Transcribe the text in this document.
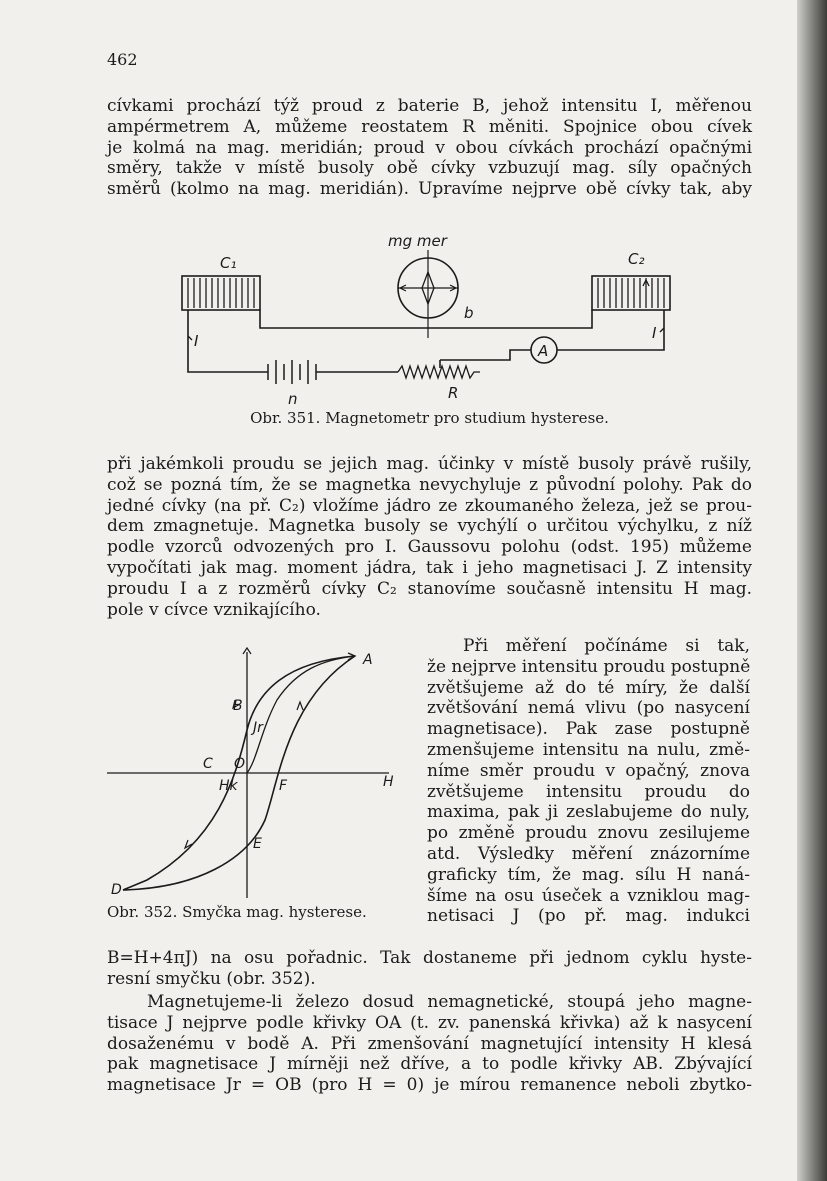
462

cívkami prochází týž proud z baterie B, jehož intensitu I, měřenou
ampérmetrem A, můžeme reostatem R měniti. Spojnice obou cívek
je kolmá na mag. meridián; proud v obou cívkách prochází opačnými
směry, takže v místě busoly obě cívky vzbuzují mag. síly opačných
směrů (kolmo na mag. meridián). Upravíme nejprve obě cívky tak, aby
C₁	C₂
mg mer
b
I	I
A
n	R

Obr. 351. Magnetometr pro studium hysterese.

při jakémkoli proudu se jejich mag. účinky v místě busoly právě rušily,
což se pozná tím, že se magnetka nevychyluje z původní polohy. Pak do
jedné cívky (na př. C₂) vložíme jádro ze zkoumaného železa, jež se prou-
dem zmagnetuje. Magnetka busoly se vychýlí o určitou výchylku, z níž
podle vzorců odvozených pro I. Gaussovu polohu (odst. 195) můžeme
vypočítati jak mag. moment jádra, tak i jeho magnetisaci J. Z intensity
proudu I a z rozměrů cívky C₂ stanovíme současně intensitu H mag.
pole v cívce vznikajícího.
A
B
Jr
C O
Hk	F	H
E
D

Obr. 352. Smyčka mag. hysterese.

Při měření počínáme si tak,
že nejprve intensitu proudu postupně
zvětšujeme až do té míry, že další
zvětšování nemá vlivu (po nasycení
magnetisace). Pak zase postupně
zmenšujeme intensitu na nulu, změ-
níme směr proudu v opačný, znova
zvětšujeme intensitu proudu do
maxima, pak ji zeslabujeme do nuly,
po změně proudu znovu zesilujeme
atd. Výsledky měření znázorníme
graficky tím, že mag. sílu H naná-
šíme na osu úseček a vzniklou mag-
netisaci J (po př. mag. indukci
B=H+4πJ) na osu pořadnic. Tak dostaneme při jednom cyklu hyste-
resní smyčku (obr. 352).
Magnetujeme-li železo dosud nemagnetické, stoupá jeho magne-
tisace J nejprve podle křivky OA (t. zv. panenská křivka) až k nasycení
dosaženému v bodě A. Při zmenšování magnetující intensity H klesá
pak magnetisace J mírněji než dříve, a to podle křivky AB. Zbývající
magnetisace Jr = OB (pro H = 0) je mírou remanence neboli zbytko-
